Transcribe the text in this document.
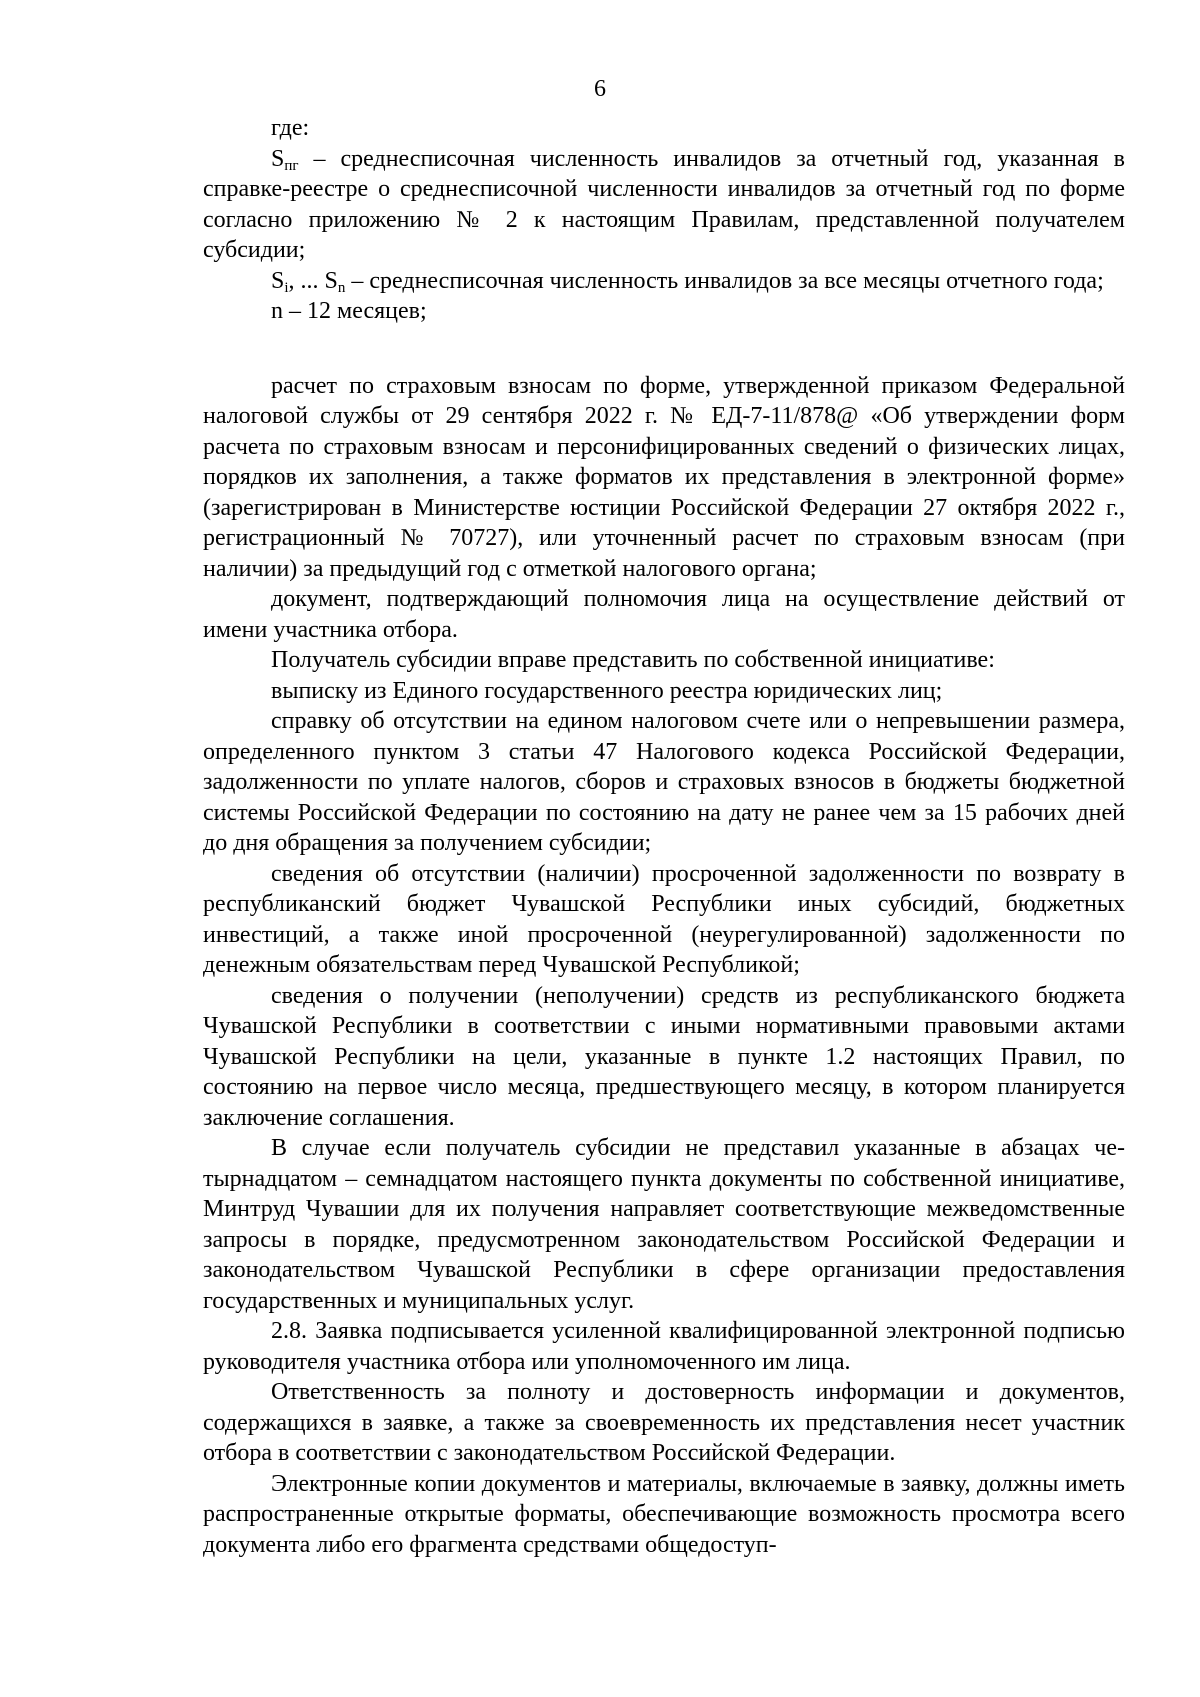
6

где:

$S_{пг}$ – среднесписочная численность инвалидов за отчетный год, указанная в справке-реестре о среднесписочной численности инвалидов за отчетный год по форме согласно приложению № 2 к настоящим Правилам, представленной получателем субсидии;

$S_i$, ... $S_n$ – среднесписочная численность инвалидов за все месяцы отчетного года;

n – 12 месяцев;

расчет по страховым взносам по форме, утвержденной приказом Федеральной налоговой службы от 29 сентября 2022 г. № ЕД-7-11/878@ «Об утверждении форм расчета по страховым взносам и персонифицированных сведений о физических лицах, порядков их заполнения, а также форматов их представления в электронной форме» (зарегистрирован в Министерстве юстиции Российской Федерации 27 октября 2022 г., регистрационный № 70727), или уточненный расчет по страховым взносам (при наличии) за предыдущий год с отметкой налогового органа;

документ, подтверждающий полномочия лица на осуществление действий от имени участника отбора.

Получатель субсидии вправе представить по собственной инициативе:

выписку из Единого государственного реестра юридических лиц;

справку об отсутствии на едином налоговом счете или о непревышении размера, определенного пунктом 3 статьи 47 Налогового кодекса Российской Федерации, задолженности по уплате налогов, сборов и страховых взносов в бюджеты бюджетной системы Российской Федерации по состоянию на дату не ранее чем за 15 рабочих дней до дня обращения за получением субсидии;

сведения об отсутствии (наличии) просроченной задолженности по возврату в республиканский бюджет Чувашской Республики иных субсидий, бюджетных инвестиций, а также иной просроченной (неурегулированной) задолженности по денежным обязательствам перед Чувашской Республикой;

сведения о получении (неполучении) средств из республиканского бюджета Чувашской Республики в соответствии с иными нормативными правовыми актами Чувашской Республики на цели, указанные в пункте 1.2 настоящих Правил, по состоянию на первое число месяца, предшествующего месяцу, в котором планируется заключение соглашения.

В случае если получатель субсидии не представил указанные в абзацах четырнадцатом – семнадцатом настоящего пункта документы по собственной инициативе, Минтруд Чувашии для их получения направляет соответствующие межведомственные запросы в порядке, предусмотренном законодательством Российской Федерации и законодательством Чувашской Республики в сфере организации предоставления государственных и муниципальных услуг.

2.8. Заявка подписывается усиленной квалифицированной электронной подписью руководителя участника отбора или уполномоченного им лица.

Ответственность за полноту и достоверность информации и документов, содержащихся в заявке, а также за своевременность их представления несет участник отбора в соответствии с законодательством Российской Федерации.

Электронные копии документов и материалы, включаемые в заявку, должны иметь распространенные открытые форматы, обеспечивающие возможность просмотра всего документа либо его фрагмента средствами общедоступ-
